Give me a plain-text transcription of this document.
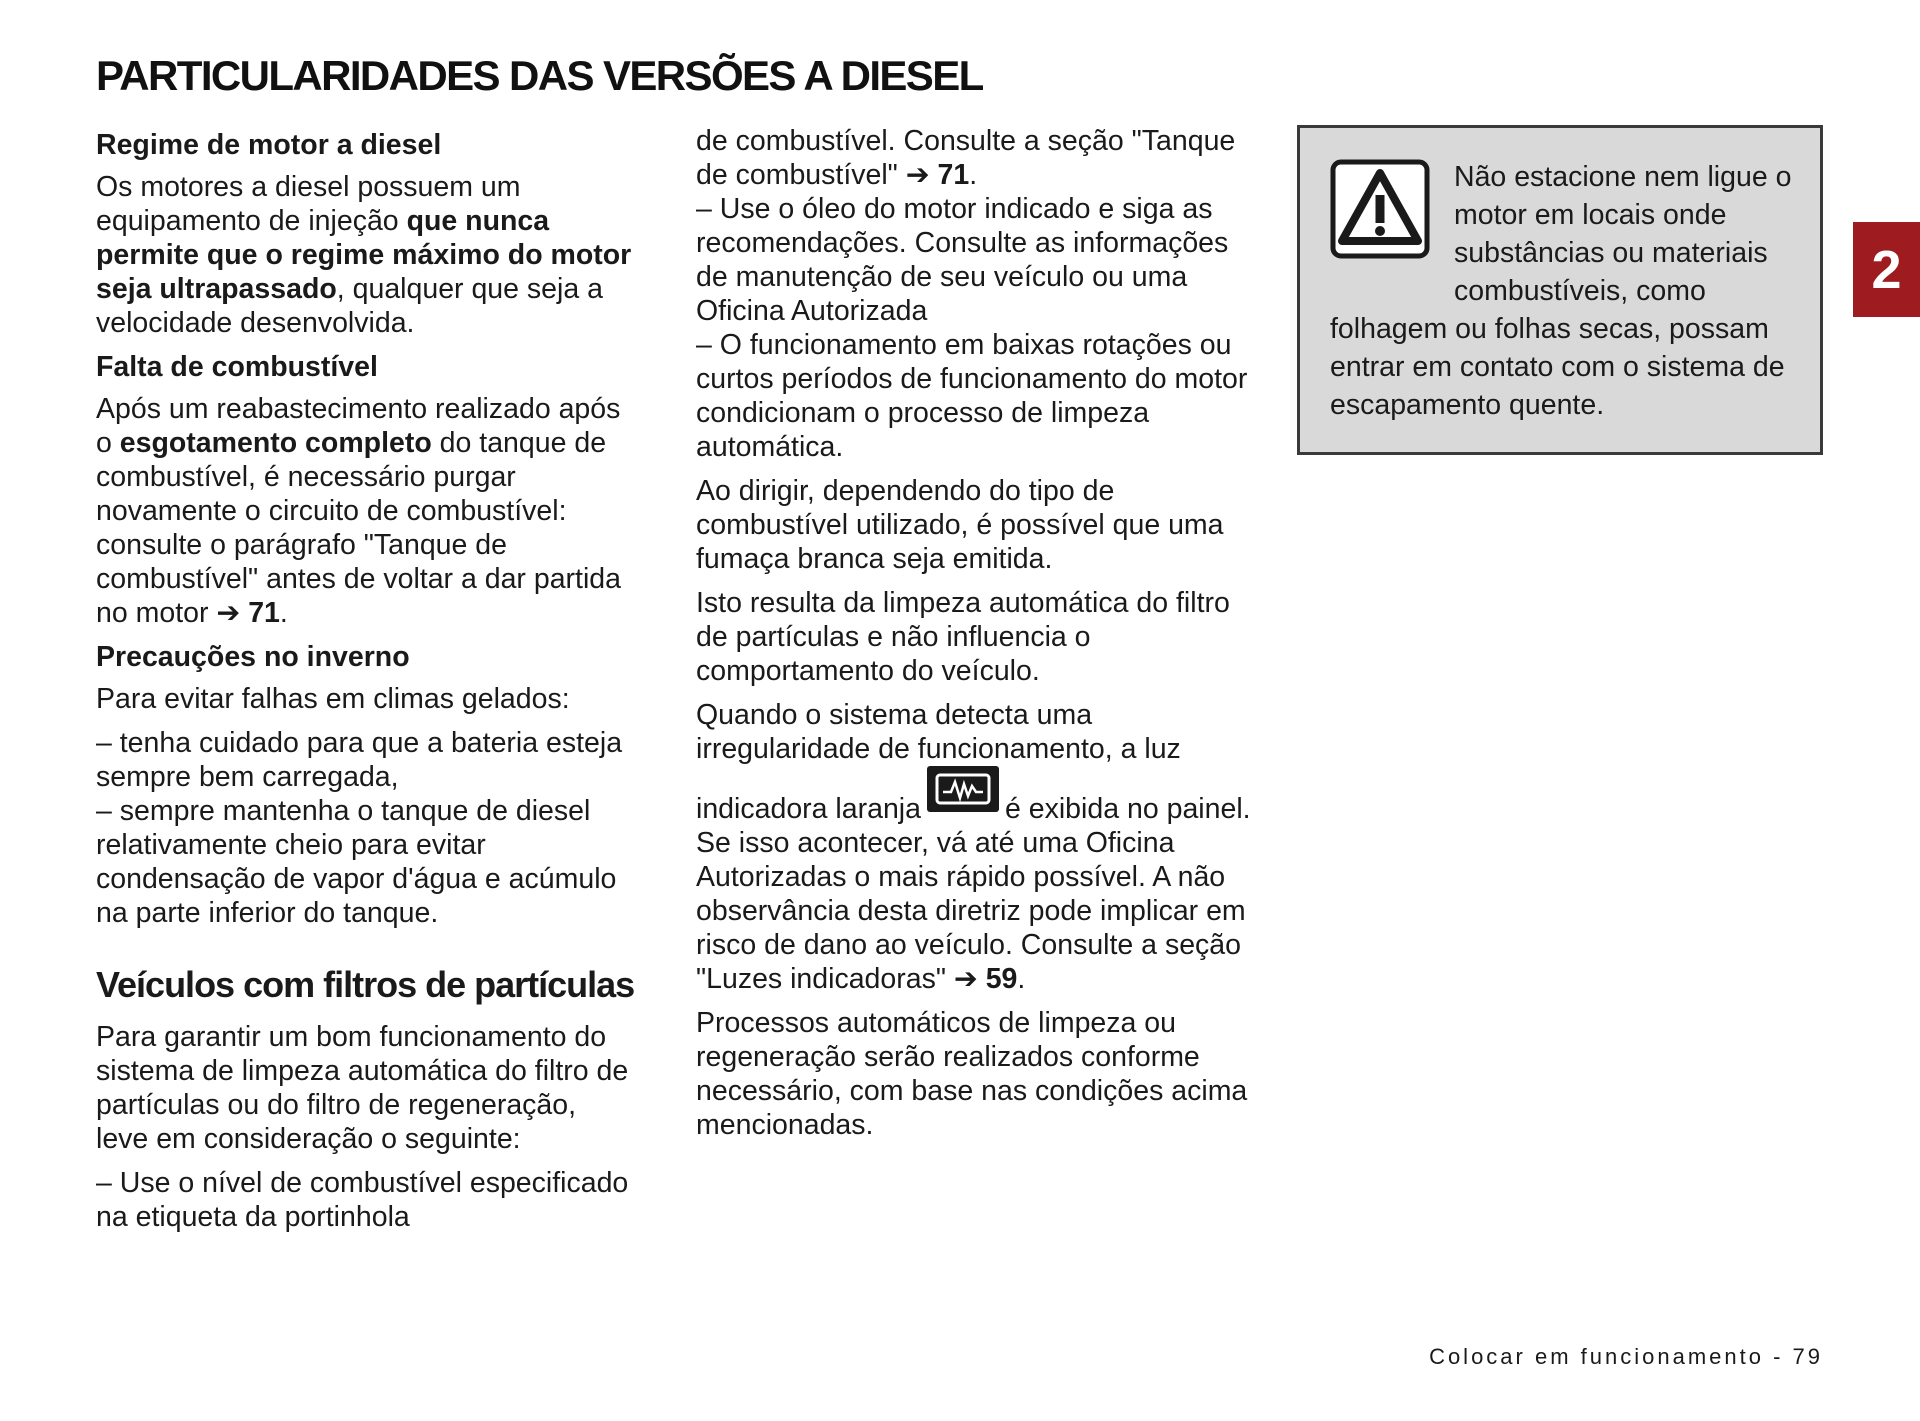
PARTICULARIDADES DAS VERSÕES A DIESEL
Regime de motor a diesel

Os motores a diesel possuem um equipamento de injeção que nunca permite que o regime máximo do motor seja ultrapassado, qualquer que seja a velocidade desenvolvida.

Falta de combustível

Após um reabastecimento realizado após o esgotamento completo do tanque de combustível, é necessário purgar novamente o circuito de combustível: consulte o parágrafo "Tanque de combustível" antes de voltar a dar partida no motor ➔ 71.

Precauções no inverno

Para evitar falhas em climas gelados:

– tenha cuidado para que a bateria esteja sempre bem carregada,

– sempre mantenha o tanque de diesel relativamente cheio para evitar condensação de vapor d'água e acúmulo na parte inferior do tanque.

Veículos com filtros de partículas

Para garantir um bom funcionamento do sistema de limpeza automática do filtro de partículas ou do filtro de regeneração, leve em consideração o seguinte:

– Use o nível de combustível especificado na etiqueta da portinhola

de combustível. Consulte a seção "Tanque de combustível" ➔ 71.

– Use o óleo do motor indicado e siga as recomendações. Consulte as informações de manutenção de seu veículo ou uma Oficina Autorizada

– O funcionamento em baixas rotações ou curtos períodos de funcionamento do motor condicionam o processo de limpeza automática.

Ao dirigir, dependendo do tipo de combustível utilizado, é possível que uma fumaça branca seja emitida.

Isto resulta da limpeza automática do filtro de partículas e não influencia o comportamento do veículo.

Quando o sistema detecta uma irregularidade de funcionamento, a luz indicadora laranja	é exibida no painel. Se isso acontecer, vá até uma Oficina Autorizadas o mais rápido possível. A não observância desta diretriz pode implicar em risco de dano ao veículo. Consulte a seção "Luzes indicadoras" ➔ 59.

Processos automáticos de limpeza ou regeneração serão realizados conforme necessário, com base nas condições acima mencionadas.

Não estacione nem ligue o motor em locais onde substâncias ou materiais combustíveis, como folhagem ou folhas secas, possam entrar em contato com o sistema de escapamento quente.
2
Colocar em funcionamento - 79
